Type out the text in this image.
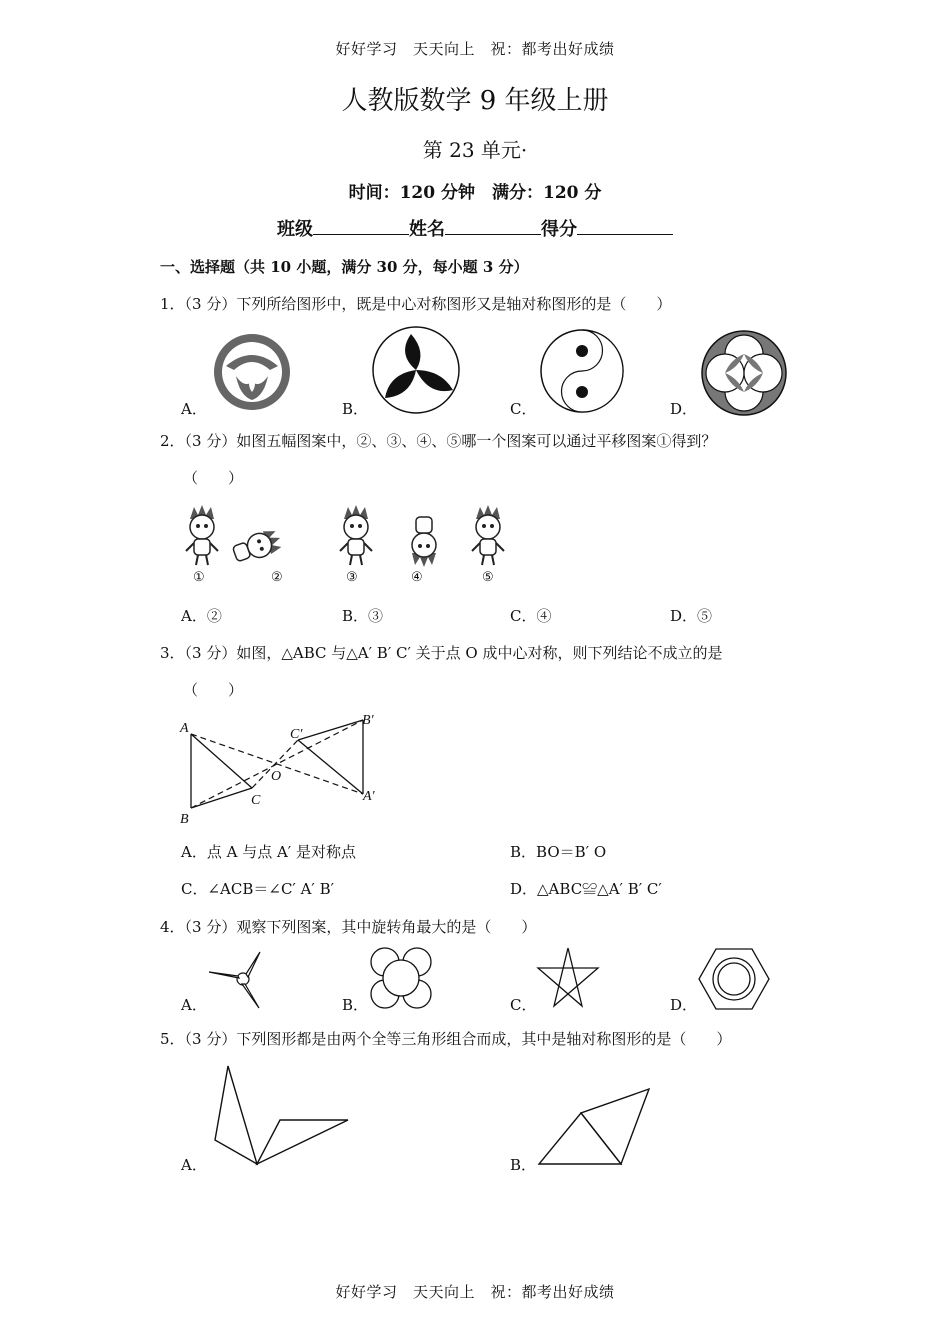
好好学习　天天向上　祝：都考出好成绩
人教版数学 9 年级上册
第 23 单元·
时间：120 分钟　满分：120 分
班级	姓名	得分
一、选择题（共 10 小题，满分 30 分，每小题 3 分）
1．（3 分）下列所给图形中，既是中心对称图形又是轴对称图形的是（　　）
A．	B．	C．	D．
2．（3 分）如图五幅图案中，②、③、④、⑤哪一个图案可以通过平移图案①得到？
（　　）
①	②	③	④	⑤
A．②	B．③	C．④	D．⑤
3．（3 分）如图，△ABC 与△A′ B′ C′ 关于点 O 成中心对称，则下列结论不成立的是
（　　）
A
B
C	A′
B′
C′
O
A．点 A 与点 A′ 是对称点	B．BO＝B′ O
C．∠ACB＝∠C′ A′ B′	D．△ABC≌△A′ B′ C′
4．（3 分）观察下列图案，其中旋转角最大的是（　　）
A．	B．	C．	D．
5．（3 分）下列图形都是由两个全等三角形组合而成，其中是轴对称图形的是（　　）
A．	B．
好好学习　天天向上　祝：都考出好成绩
